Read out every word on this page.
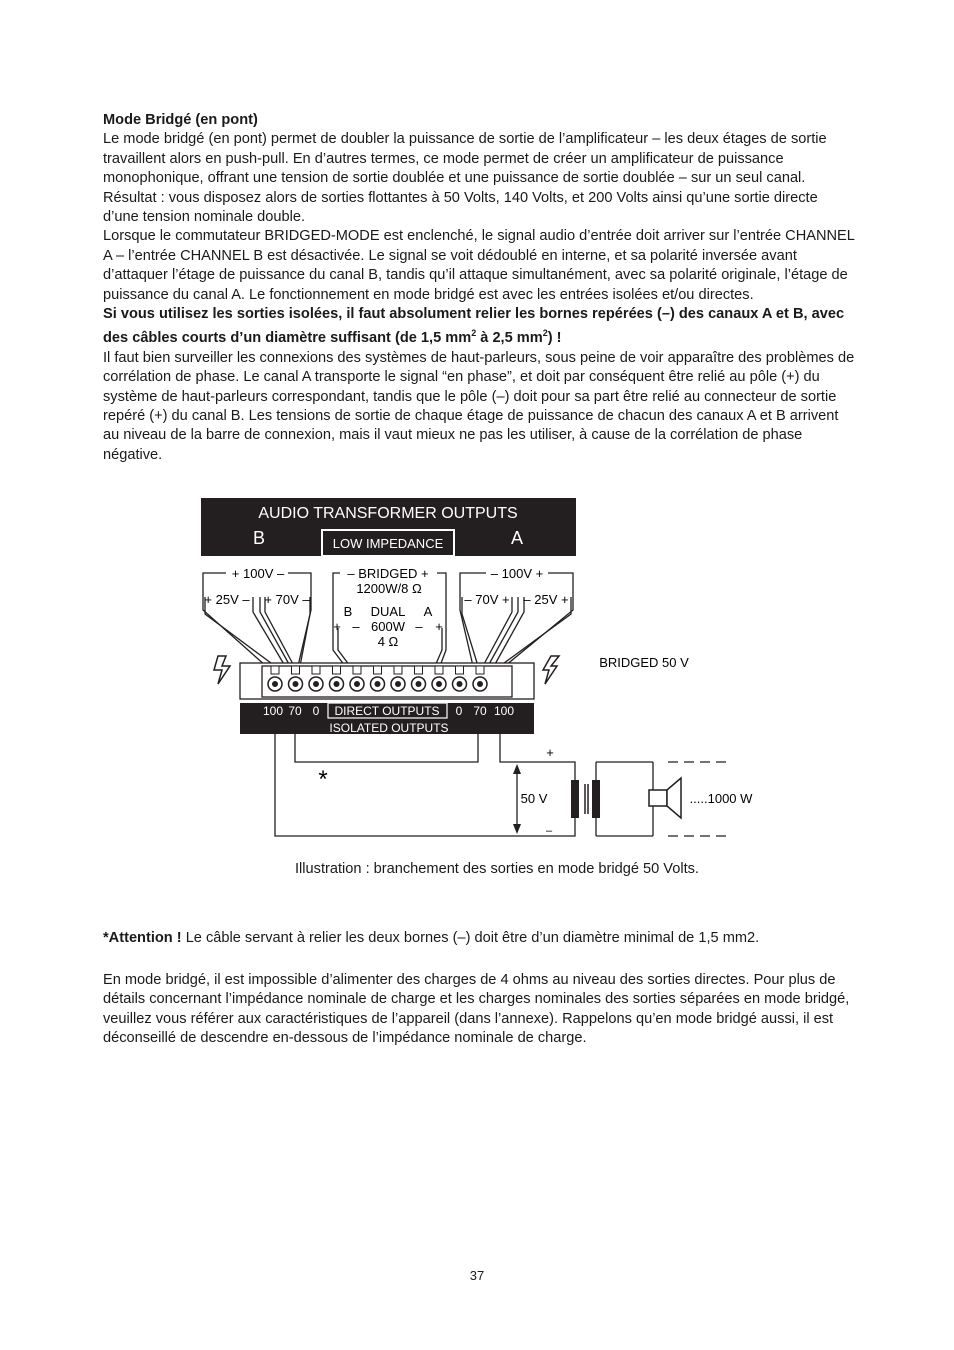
Mode Bridgé (en pont)

Le mode bridgé (en pont) permet de doubler la puissance de sortie de l’amplificateur – les deux étages de sortie travaillent alors en push-pull. En d’autres termes, ce mode permet de créer un amplificateur de puissance monophonique, offrant une tension de sortie doublée et une puissance de sortie doublée – sur un seul canal. Résultat : vous disposez alors de sorties flottantes à 50 Volts, 140 Volts, et 200 Volts ainsi qu’une sortie directe d’une tension nominale double.

Lorsque le commutateur BRIDGED-MODE est enclenché, le signal audio d’entrée doit arriver sur l’entrée CHANNEL A – l’entrée CHANNEL B est désactivée. Le signal se voit dédoublé en interne, et sa polarité inversée avant d’attaquer l’étage de puissance du canal B, tandis qu’il attaque simultanément, avec sa polarité originale, l’étage de puissance du canal A. Le fonctionnement en mode bridgé est avec les entrées isolées et/ou directes.

Si vous utilisez les sorties isolées, il faut absolument relier les bornes repérées (–) des canaux A et B, avec des câbles courts d’un diamètre suffisant (de 1,5 $mm^2$ à 2,5 $mm^2$) !

Il faut bien surveiller les connexions des systèmes de haut-parleurs, sous peine de voir apparaître des problèmes de corrélation de phase. Le canal A transporte le signal “en phase”, et doit par conséquent être relié au pôle (+) du système de haut-parleurs correspondant, tandis que le pôle (–) doit pour sa part être relié au connecteur de sortie repéré (+) du canal B. Les tensions de sortie de chaque étage de puissance de chacun des canaux A et B arrivent au niveau de la barre de connexion, mais il vaut mieux ne pas les utiliser, à cause de la corrélation de phase négative.

AUDIO TRANSFORMER OUTPUTS
B	A
LOW IMPEDANCE
+ 100V –
+ 25V – + 70V –
– BRIDGED +
1200W/8 Ω
B DUAL A
+ – 600W – +
4 Ω
– 100V +
– 70V + – 25V +
BRIDGED 50 V
100 70 0 DIRECT OUTPUTS 0 70 100
ISOLATED OUTPUTS
*
+
50 V
–
.....1000 W
Illustration : branchement des sorties en mode bridgé 50 Volts.

*Attention ! Le câble servant à relier les deux bornes (–) doit être d’un diamètre minimal de 1,5 mm2.

En mode bridgé, il est impossible d’alimenter des charges de 4 ohms au niveau des sorties directes. Pour plus de détails concernant l’impédance nominale de charge et les charges nominales des sorties séparées en mode bridgé, veuillez vous référer aux caractéristiques de l’appareil (dans l’annexe). Rappelons qu’en mode bridgé aussi, il est déconseillé de descendre en-dessous de l’impédance nominale de charge.

37
